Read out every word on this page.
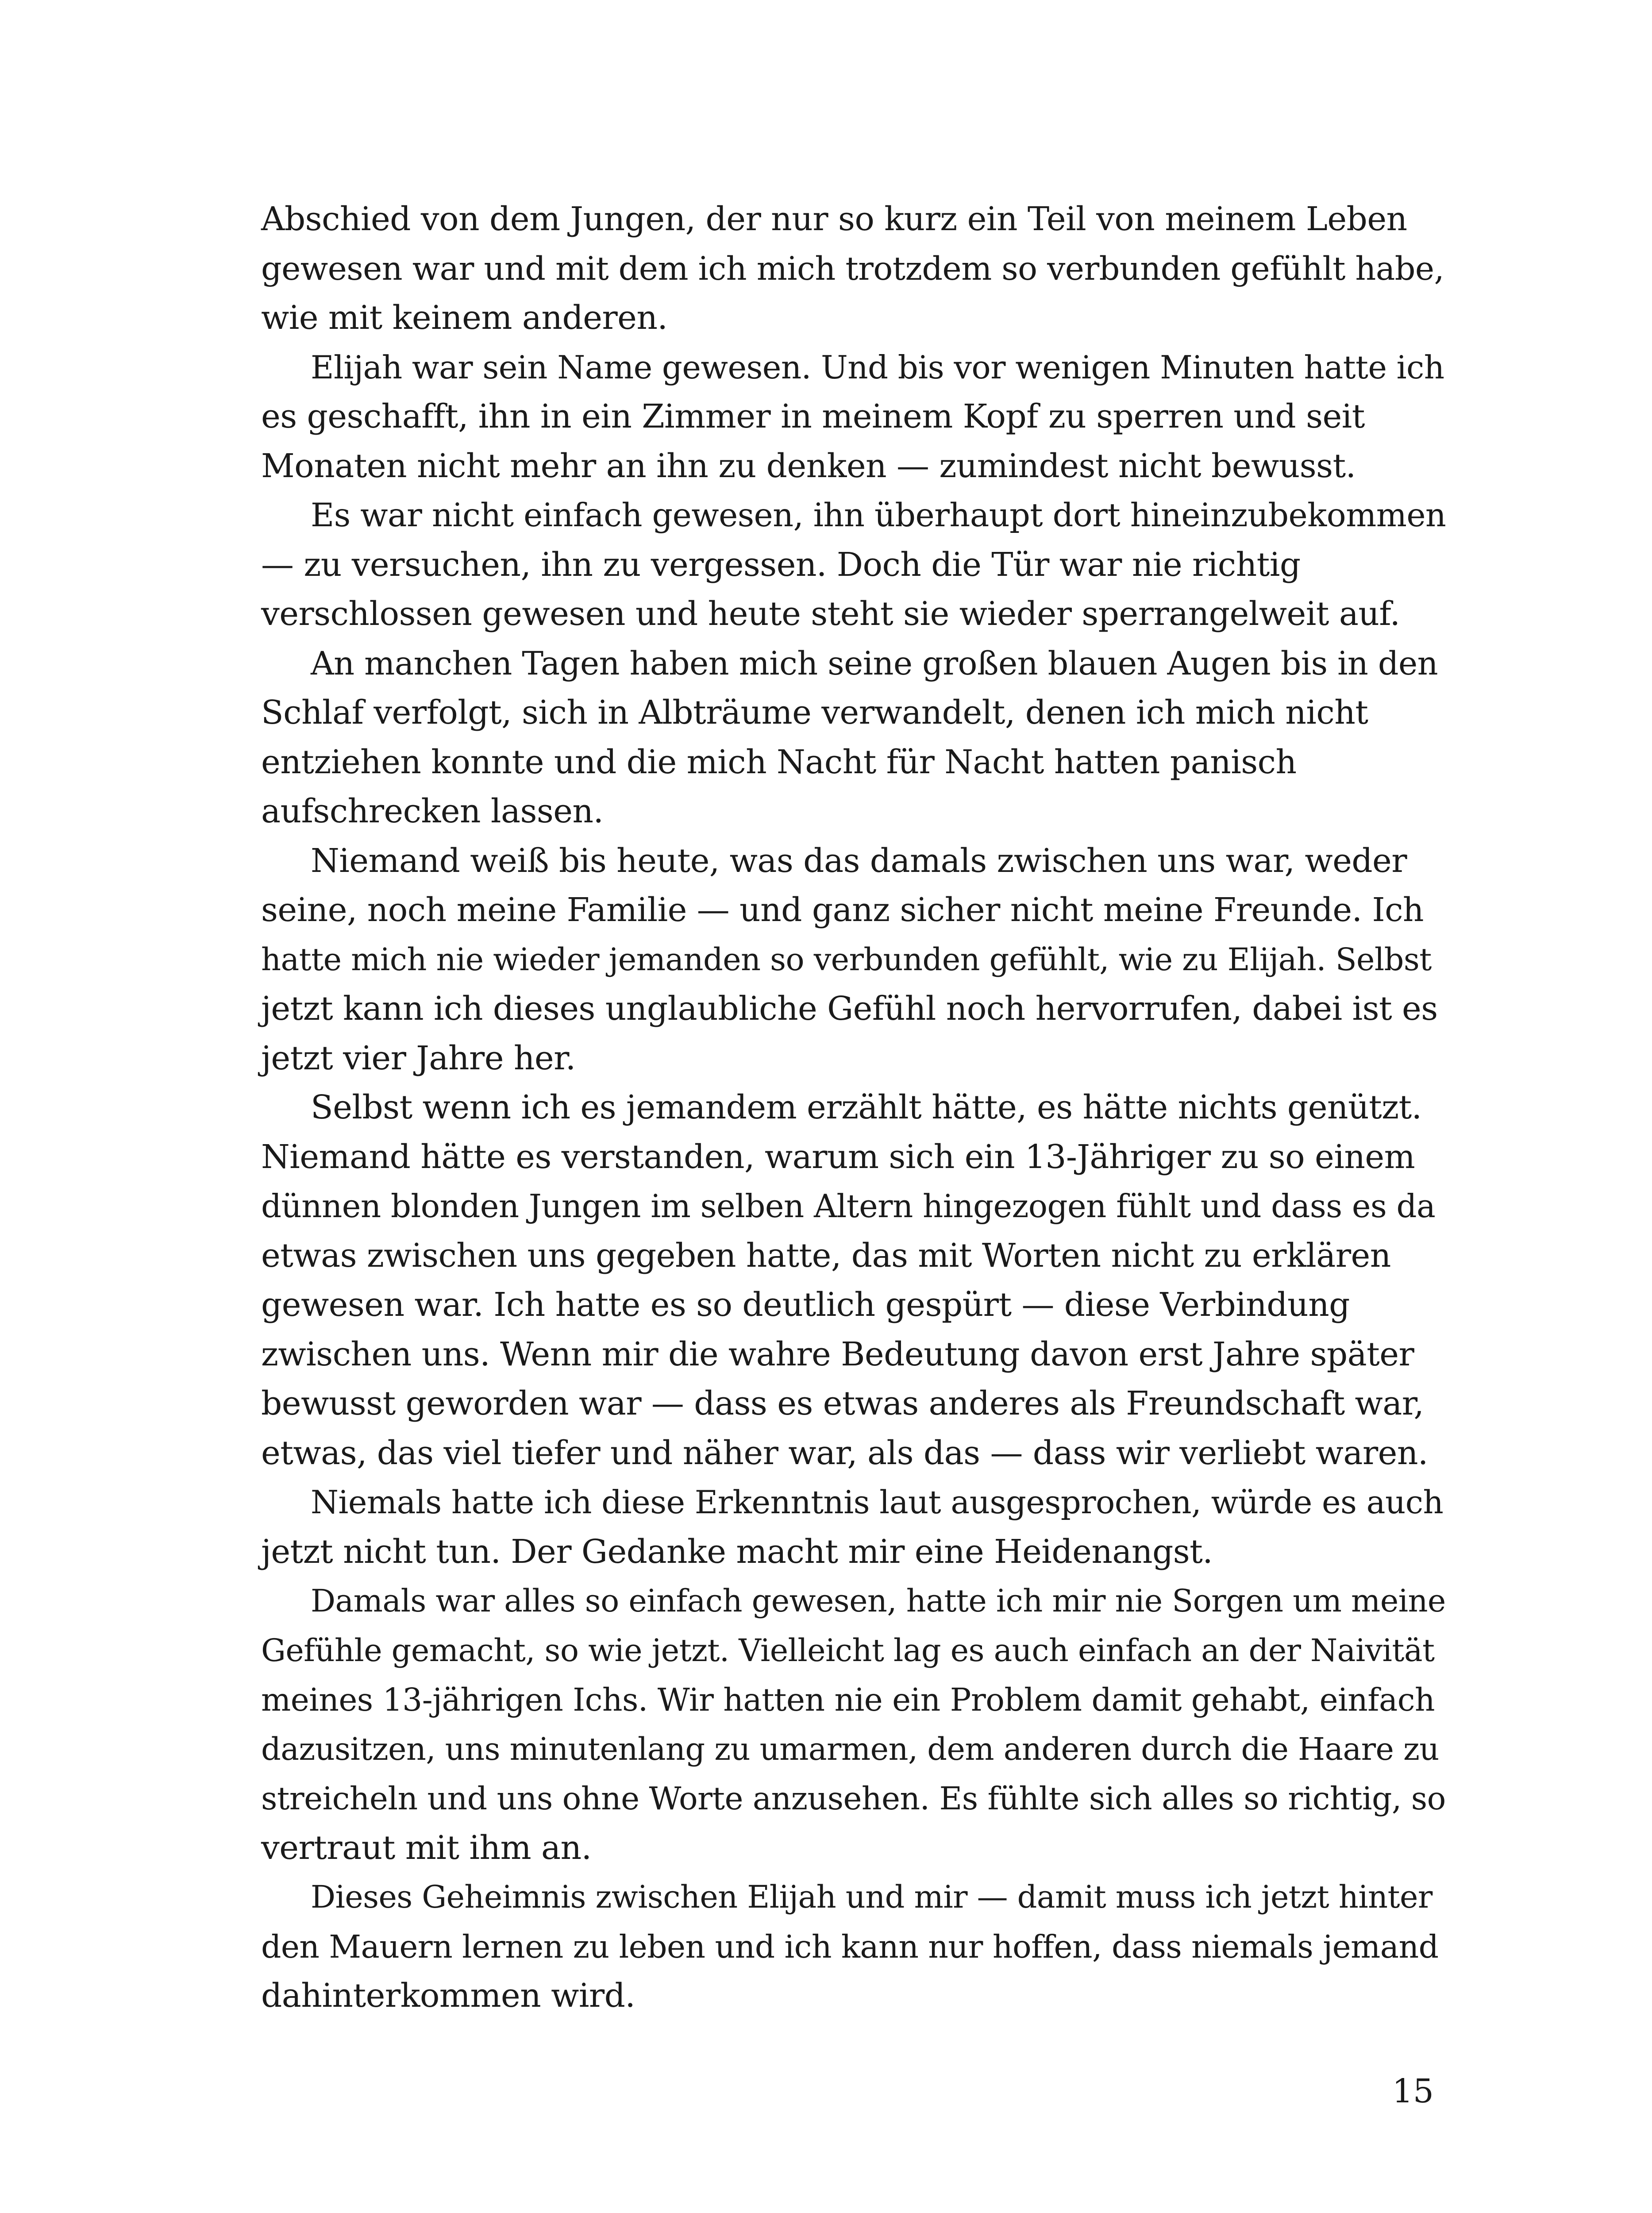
Abschied von dem Jungen, der nur so kurz ein Teil von meinem Leben
gewesen war und mit dem ich mich trotzdem so verbunden gefühlt habe,
wie mit keinem anderen.
Elijah war sein Name gewesen. Und bis vor wenigen Minuten hatte ich
es geschafft, ihn in ein Zimmer in meinem Kopf zu sperren und seit
Monaten nicht mehr an ihn zu denken — zumindest nicht bewusst.
Es war nicht einfach gewesen, ihn überhaupt dort hineinzubekommen
— zu versuchen, ihn zu vergessen. Doch die Tür war nie richtig
verschlossen gewesen und heute steht sie wieder sperrangelweit auf.
An manchen Tagen haben mich seine großen blauen Augen bis in den
Schlaf verfolgt, sich in Albträume verwandelt, denen ich mich nicht
entziehen konnte und die mich Nacht für Nacht hatten panisch
aufschrecken lassen.
Niemand weiß bis heute, was das damals zwischen uns war, weder
seine, noch meine Familie — und ganz sicher nicht meine Freunde. Ich
hatte mich nie wieder jemanden so verbunden gefühlt, wie zu Elijah. Selbst
jetzt kann ich dieses unglaubliche Gefühl noch hervorrufen, dabei ist es
jetzt vier Jahre her.
Selbst wenn ich es jemandem erzählt hätte, es hätte nichts genützt.
Niemand hätte es verstanden, warum sich ein 13-Jähriger zu so einem
dünnen blonden Jungen im selben Altern hingezogen fühlt und dass es da
etwas zwischen uns gegeben hatte, das mit Worten nicht zu erklären
gewesen war. Ich hatte es so deutlich gespürt — diese Verbindung
zwischen uns. Wenn mir die wahre Bedeutung davon erst Jahre später
bewusst geworden war — dass es etwas anderes als Freundschaft war,
etwas, das viel tiefer und näher war, als das — dass wir verliebt waren.
Niemals hatte ich diese Erkenntnis laut ausgesprochen, würde es auch
jetzt nicht tun. Der Gedanke macht mir eine Heidenangst.
Damals war alles so einfach gewesen, hatte ich mir nie Sorgen um meine
Gefühle gemacht, so wie jetzt. Vielleicht lag es auch einfach an der Naivität
meines 13-jährigen Ichs. Wir hatten nie ein Problem damit gehabt, einfach
dazusitzen, uns minutenlang zu umarmen, dem anderen durch die Haare zu
streicheln und uns ohne Worte anzusehen. Es fühlte sich alles so richtig, so
vertraut mit ihm an.
Dieses Geheimnis zwischen Elijah und mir — damit muss ich jetzt hinter
den Mauern lernen zu leben und ich kann nur hoffen, dass niemals jemand
dahinterkommen wird.
15
